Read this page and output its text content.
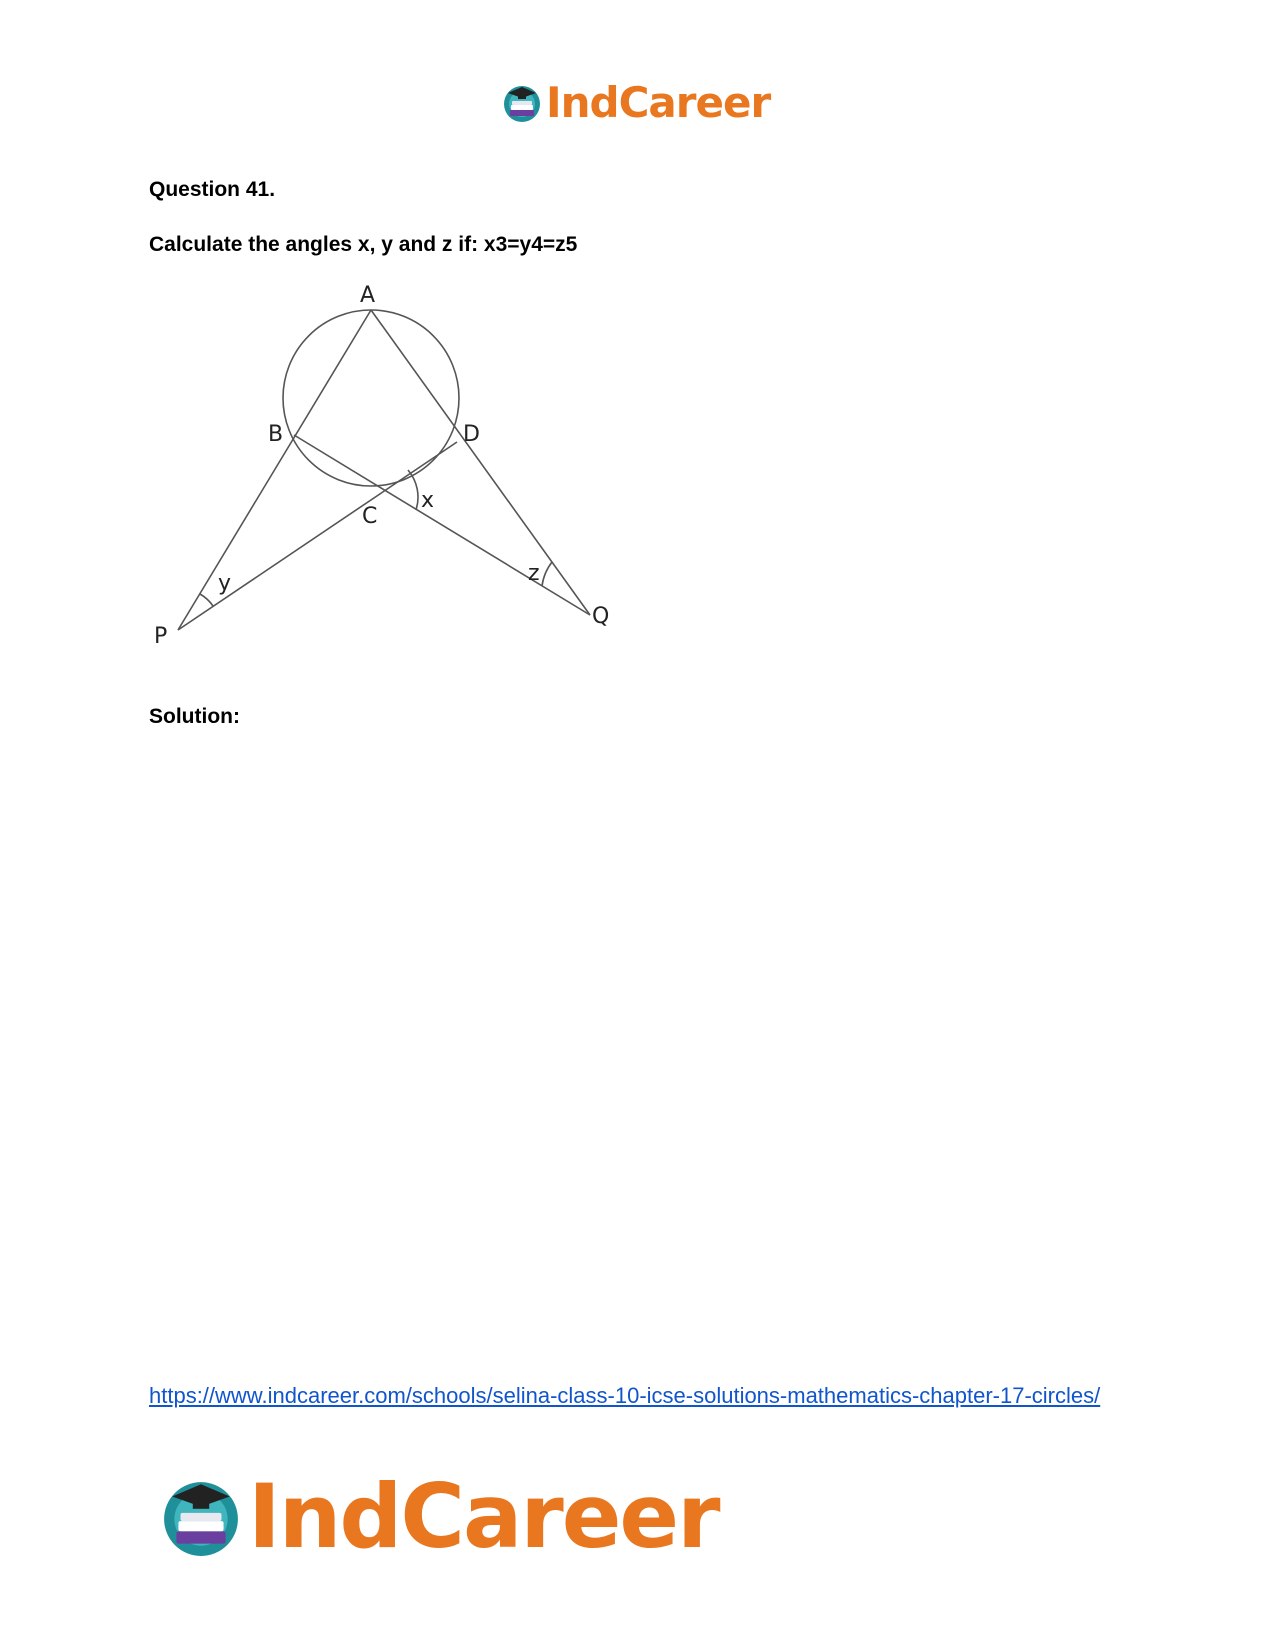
IndCareer
Question 41.
Calculate the angles x, y and z if: x3=y4=z5
A
B
C
D
P
Q
x
y	z
Solution:
https://www.indcareer.com/schools/selina-class-10-icse-solutions-mathematics-chapter-17-circles/
IndCareer
